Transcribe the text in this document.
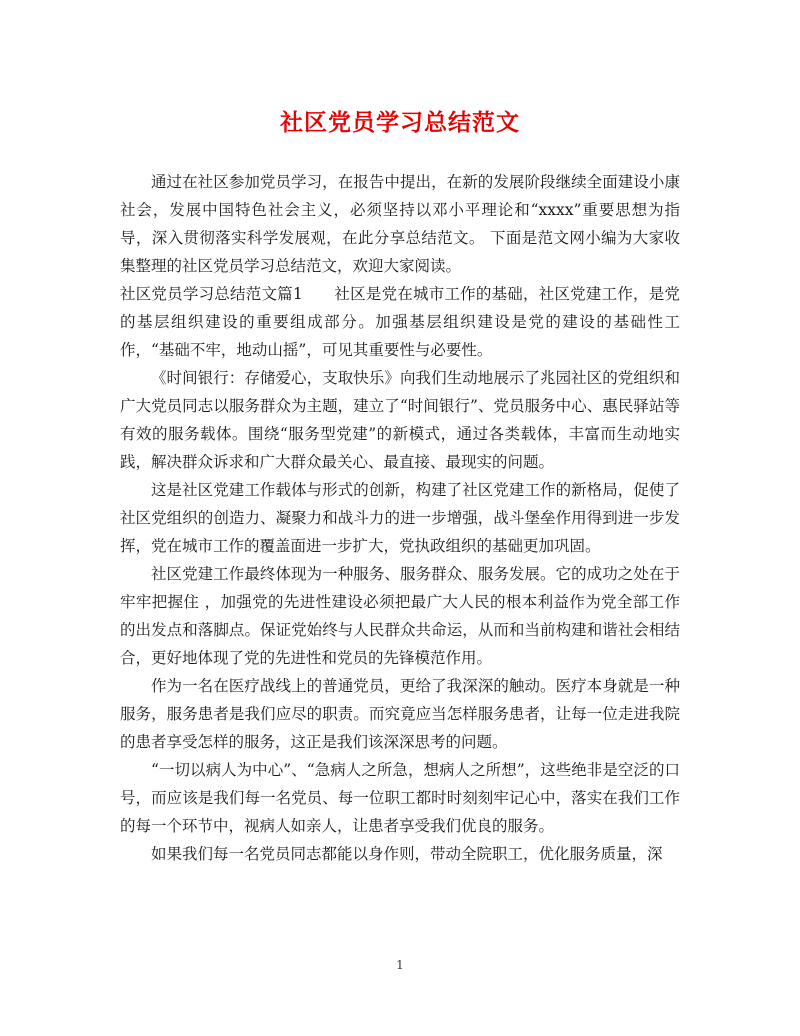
社区党员学习总结范文

通过在社区参加党员学习，在报告中提出，在新的发展阶段继续全面建设小康社会，发展中国特色社会主义，必须坚持以邓小平理论和“xxxx”重要思想为指导，深入贯彻落实科学发展观，在此分享总结范文。 下面是范文网小编为大家收集整理的社区党员学习总结范文，欢迎大家阅读。

社区党员学习总结范文篇1　　社区是党在城市工作的基础，社区党建工作，是党的基层组织建设的重要组成部分。加强基层组织建设是党的建设的基础性工作，“基础不牢，地动山摇”，可见其重要性与必要性。

《时间银行：存储爱心，支取快乐》向我们生动地展示了兆园社区的党组织和广大党员同志以服务群众为主题，建立了“时间银行”、党员服务中心、惠民驿站等有效的服务载体。围绕“服务型党建”的新模式，通过各类载体，丰富而生动地实践，解决群众诉求和广大群众最关心、最直接、最现实的问题。

这是社区党建工作载体与形式的创新，构建了社区党建工作的新格局，促使了社区党组织的创造力、凝聚力和战斗力的进一步增强，战斗堡垒作用得到进一步发挥，党在城市工作的覆盖面进一步扩大，党执政组织的基础更加巩固。

社区党建工作最终体现为一种服务、服务群众、服务发展。它的成功之处在于牢牢把握住 ，加强党的先进性建设必须把最广大人民的根本利益作为党全部工作的出发点和落脚点。保证党始终与人民群众共命运，从而和当前构建和谐社会相结合，更好地体现了党的先进性和党员的先锋模范作用。

作为一名在医疗战线上的普通党员，更给了我深深的触动。医疗本身就是一种服务，服务患者是我们应尽的职责。而究竟应当怎样服务患者，让每一位走进我院的患者享受怎样的服务，这正是我们该深深思考的问题。

“一切以病人为中心”、“急病人之所急，想病人之所想”，这些绝非是空泛的口号，而应该是我们每一名党员、每一位职工都时时刻刻牢记心中，落实在我们工作的每一个环节中，视病人如亲人，让患者享受我们优良的服务。

如果我们每一名党员同志都能以身作则，带动全院职工，优化服务质量，深

1
